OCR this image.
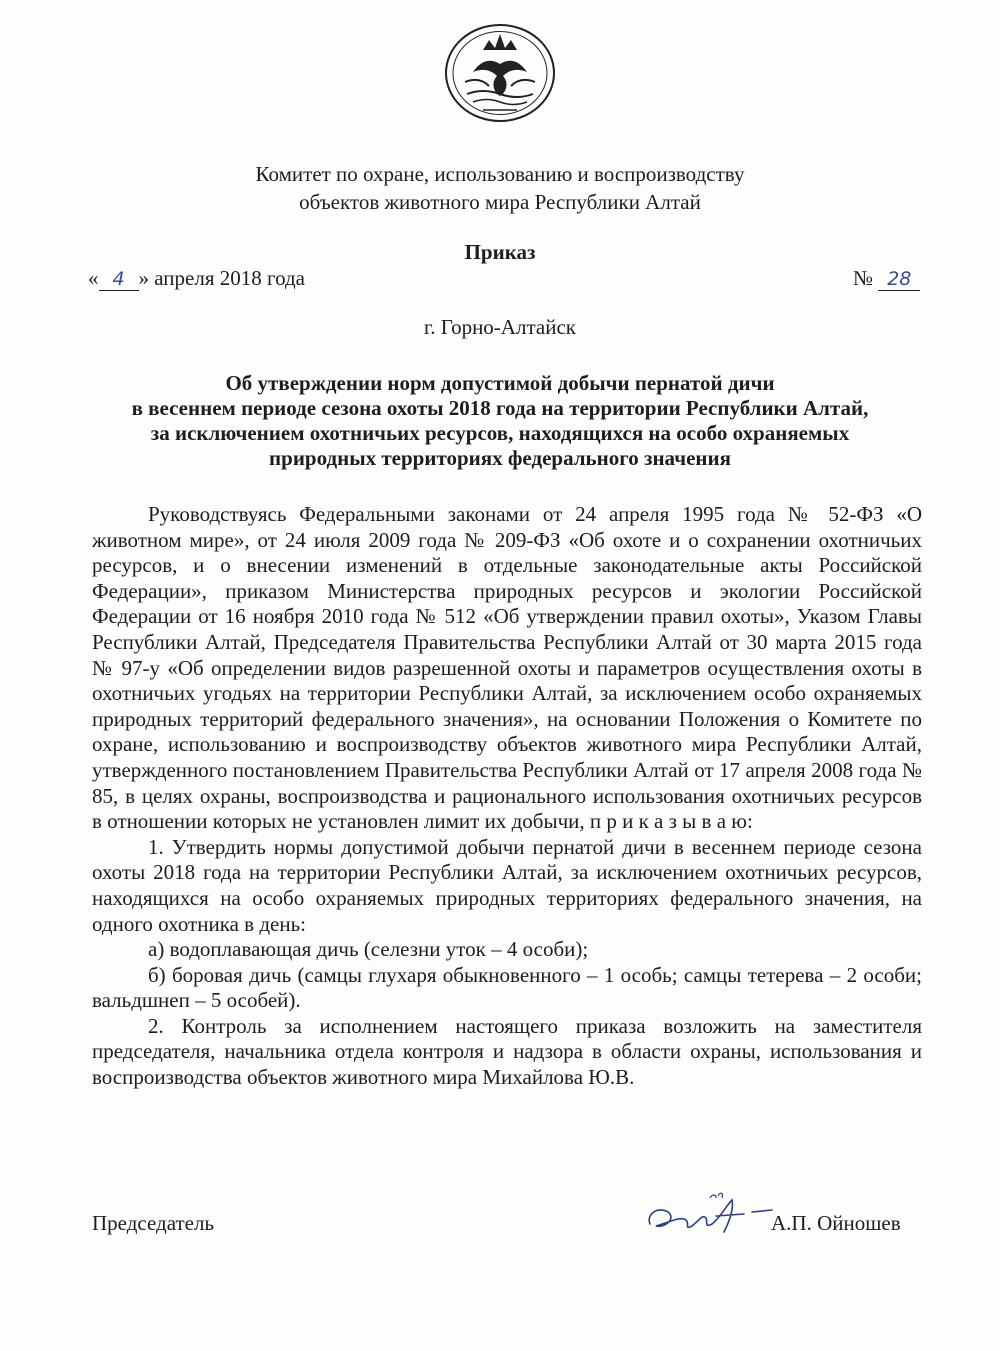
Комитет по охране, использованию и воспроизводству
объектов животного мира Республики Алтай
Приказ
« 4 » апреля 2018 года	№ 28
г. Горно-Алтайск
Об утверждении норм допустимой добычи пернатой дичи
в весеннем периоде сезона охоты 2018 года на территории Республики Алтай,
за исключением охотничьих ресурсов, находящихся на особо охраняемых
природных территориях федерального значения

Руководствуясь Федеральными законами от 24 апреля 1995 года № 52-ФЗ «О животном мире», от 24 июля 2009 года № 209-ФЗ «Об охоте и о сохранении охотничьих ресурсов, и о внесении изменений в отдельные законодательные акты Российской Федерации», приказом Министерства природных ресурсов и экологии Российской Федерации от 16 ноября 2010 года № 512 «Об утверждении правил охоты», Указом Главы Республики Алтай, Председателя Правительства Республики Алтай от 30 марта 2015 года № 97-у «Об определении видов разрешенной охоты и параметров осуществления охоты в охотничьих угодьях на территории Республики Алтай, за исключением особо охраняемых природных территорий федерального значения», на основании Положения о Комитете по охране, использованию и воспроизводству объектов животного мира Республики Алтай, утвержденного постановлением Правительства Республики Алтай от 17 апреля 2008 года № 85, в целях охраны, воспроизводства и рационального использования охотничьих ресурсов в отношении которых не установлен лимит их добычи, п р и к а з ы в а ю:

1. Утвердить нормы допустимой добычи пернатой дичи в весеннем периоде сезона охоты 2018 года на территории Республики Алтай, за исключением охотничьих ресурсов, находящихся на особо охраняемых природных территориях федерального значения, на одного охотника в день:

а) водоплавающая дичь (селезни уток – 4 особи);

б) боровая дичь (самцы глухаря обыкновенного – 1 особь; самцы тетерева – 2 особи; вальдшнеп – 5 особей).

2. Контроль за исполнением настоящего приказа возложить на заместителя председателя, начальника отдела контроля и надзора в области охраны, использования и воспроизводства объектов животного мира Михайлова Ю.В.

Председатель	А.П. Ойношев
